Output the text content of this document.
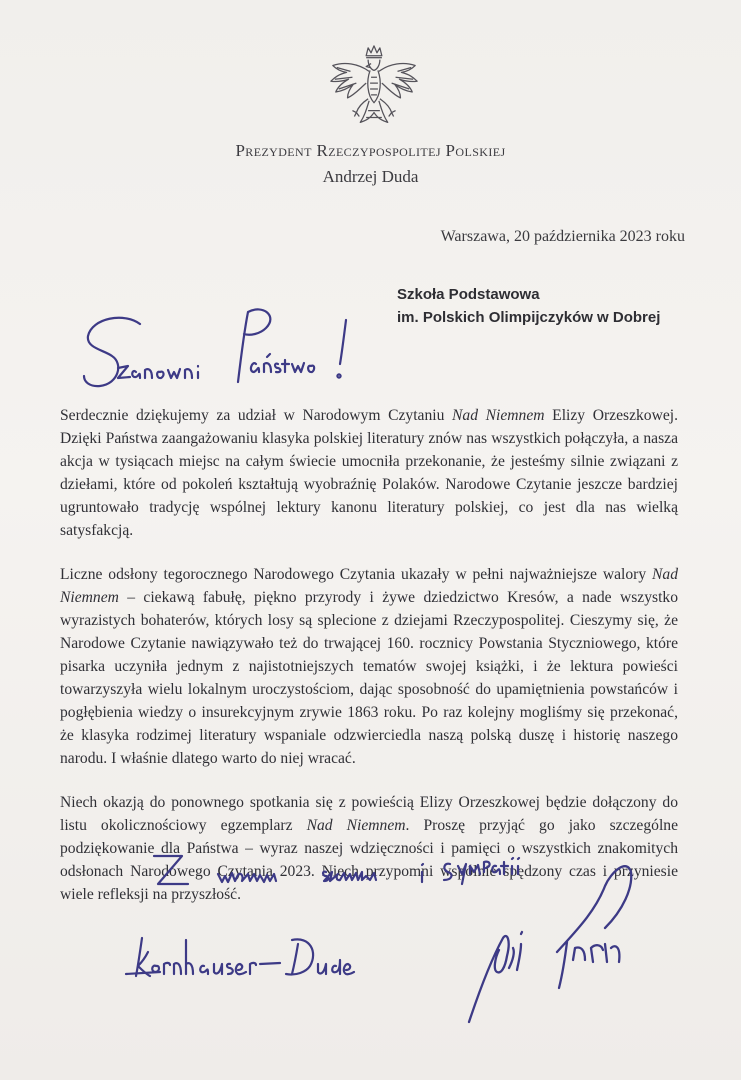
Prezydent Rzeczypospolitej Polskiej
Andrzej Duda
Warszawa, 20 października 2023 roku
Szkoła Podstawowa
im. Polskich Olimpijczyków w Dobrej

Serdecznie dziękujemy za udział w Narodowym Czytaniu Nad Niemnem Elizy Orzeszkowej. Dzięki Państwa zaangażowaniu klasyka polskiej literatury znów nas wszystkich połączyła, a nasza akcja w tysiącach miejsc na całym świecie umocniła przekonanie, że jesteśmy silnie związani z dziełami, które od pokoleń kształtują wyobraźnię Polaków. Narodowe Czytanie jeszcze bardziej ugruntowało tradycję wspólnej lektury kanonu literatury polskiej, co jest dla nas wielką satysfakcją.

Liczne odsłony tegorocznego Narodowego Czytania ukazały w pełni najważniejsze walory Nad Niemnem – ciekawą fabułę, piękno przyrody i żywe dziedzictwo Kresów, a nade wszystko wyrazistych bohaterów, których losy są splecione z dziejami Rzeczypospolitej. Cieszymy się, że Narodowe Czytanie nawiązywało też do trwającej 160. rocznicy Powstania Styczniowego, które pisarka uczyniła jednym z najistotniejszych tematów swojej książki, i że lektura powieści towarzyszyła wielu lokalnym uroczystościom, dając sposobność do upamiętnienia powstańców i pogłębienia wiedzy o insurekcyjnym zrywie 1863 roku. Po raz kolejny mogliśmy się przekonać, że klasyka rodzimej literatury wspaniale odzwierciedla naszą polską duszę i historię naszego narodu. I właśnie dlatego warto do niej wracać.

Niech okazją do ponownego spotkania się z powieścią Elizy Orzeszkowej będzie dołączony do listu okolicznościowy egzemplarz Nad Niemnem. Proszę przyjąć go jako szczególne podziękowanie dla Państwa – wyraz naszej wdzięczności i pamięci o wszystkich znakomitych odsłonach Narodowego Czytania 2023. Niech przypomni wspólnie spędzony czas i przyniesie wiele refleksji na przyszłość.
